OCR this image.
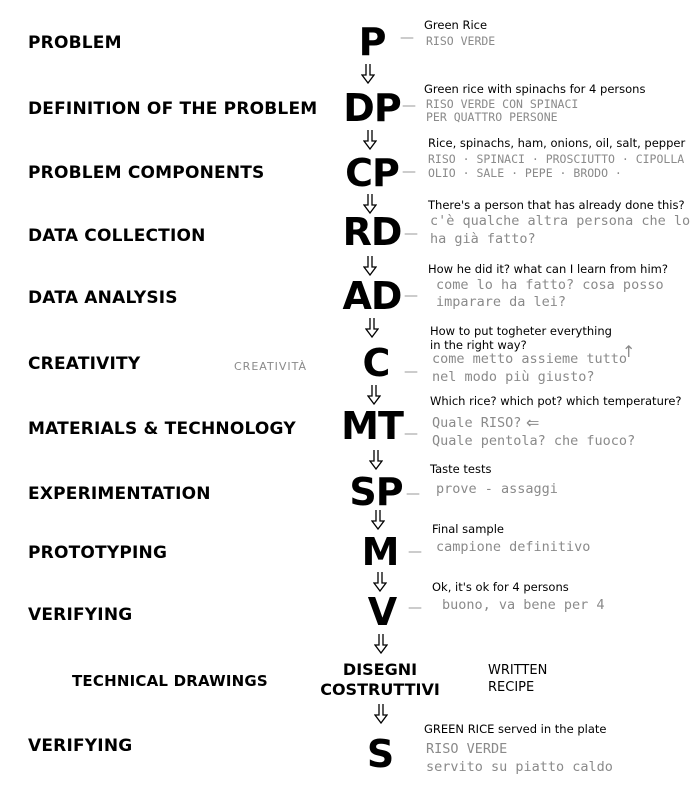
PROBLEM
DEFINITION OF THE PROBLEM
PROBLEM COMPONENTS
DATA COLLECTION
DATA ANALYSIS
CREATIVITY
MATERIALS & TECHNOLOGY
EXPERIMENTATION
PROTOTYPING
VERIFYING
TECHNICAL DRAWINGS
VERIFYING
CREATIVITÀ
P
DP
CP
RD
AD
C
MT
SP
M
V
DISEGNI
COSTRUTTIVI
S
—
—
—
—
—
—
—
—
—
—
Green Rice
Green rice with spinachs for 4 persons
Rice, spinachs, ham, onions, oil, salt, pepper
There's a person that has already done this?
How he did it? what can I learn from him?
How to put togheter everything
in the right way?
Which rice? which pot? which temperature?
Taste tests
Final sample
Ok, it's ok for 4 persons
GREEN RICE served in the plate
RISO VERDE
RISO VERDE CON SPINACI
PER QUATTRO PERSONE
RISO · SPINACI · PROSCIUTTO · CIPOLLA
OLIO · SALE · PEPE · BRODO ·
c'è qualche altra persona che lo
ha già fatto?
come lo ha fatto? cosa posso
imparare da lei?
come metto assieme tutto
nel modo più giusto?
↑
Quale RISO?
Quale pentola? che fuoco?
⇐
prove - assaggi
campione definitivo
buono, va bene per 4
RISO VERDE
servito su piatto caldo
WRITTEN
RECIPE
